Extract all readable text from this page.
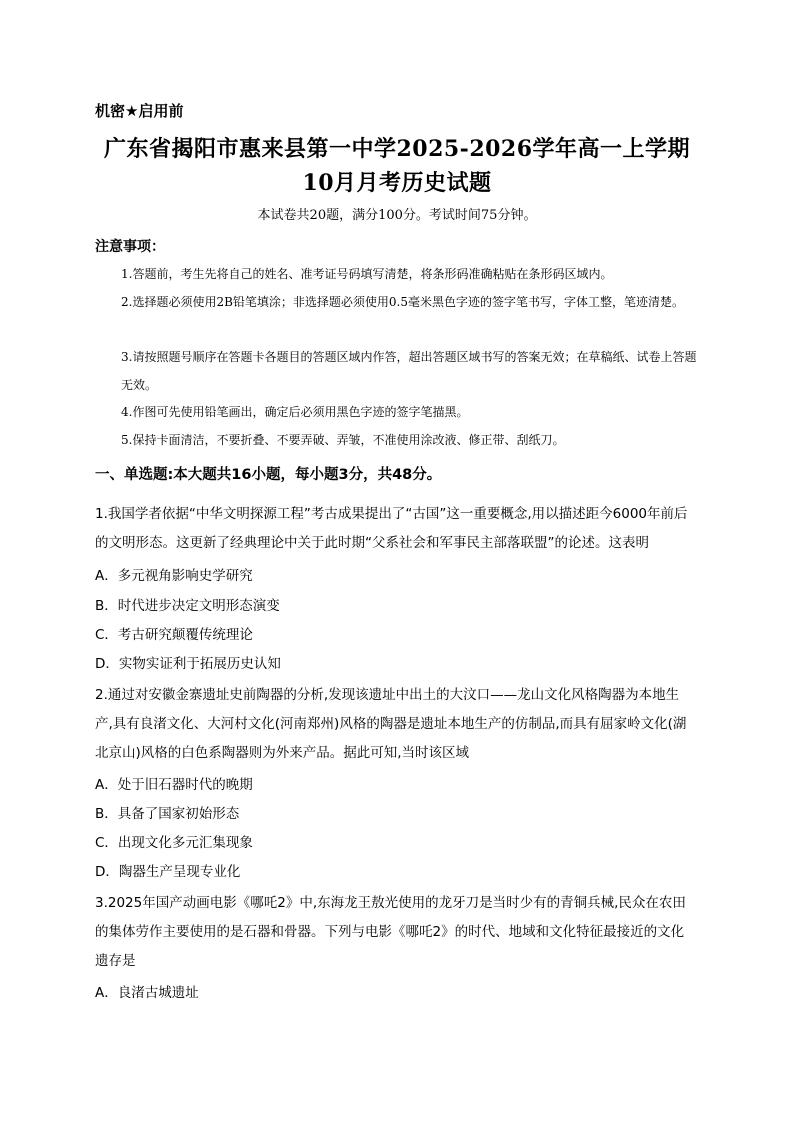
机密★启用前
广东省揭阳市惠来县第一中学2025-2026学年高一上学期
10月月考历史试题
本试卷共20题，满分100分。考试时间75分钟。
注意事项：
1.答题前，考生先将自己的姓名、准考证号码填写清楚，将条形码准确粘贴在条形码区域内。
2.选择题必须使用2B铅笔填涂；非选择题必须使用0.5毫米黑色字迹的签字笔书写，字体工整，笔迹清楚。
3.请按照题号顺序在答题卡各题目的答题区域内作答，超出答题区域书写的答案无效；在草稿纸、试卷上答题无效。
4.作图可先使用铅笔画出，确定后必须用黑色字迹的签字笔描黑。
5.保持卡面清洁，不要折叠、不要弄破、弄皱，不准使用涂改液、修正带、刮纸刀。
一、单选题:本大题共16小题，每小题3分，共48分。
1.我国学者依据“中华文明探源工程”考古成果提出了“古国”这一重要概念,用以描述距今6000年前后的文明形态。这更新了经典理论中关于此时期“父系社会和军事民主部落联盟”的论述。这表明
A．多元视角影响史学研究
B．时代进步决定文明形态演变
C．考古研究颠覆传统理论
D．实物实证利于拓展历史认知
2.通过对安徽金寨遗址史前陶器的分析,发现该遗址中出土的大汶口——龙山文化风格陶器为本地生产,具有良渚文化、大河村文化(河南郑州)风格的陶器是遗址本地生产的仿制品,而具有屈家岭文化(湖北京山)风格的白色系陶器则为外来产品。据此可知,当时该区域
A．处于旧石器时代的晚期
B．具备了国家初始形态
C．出现文化多元汇集现象
D．陶器生产呈现专业化
3.2025年国产动画电影《哪吒2》中,东海龙王敖光使用的龙牙刀是当时少有的青铜兵械,民众在农田的集体劳作主要使用的是石器和骨器。下列与电影《哪吒2》的时代、地域和文化特征最接近的文化遗存是
A．良渚古城遗址
